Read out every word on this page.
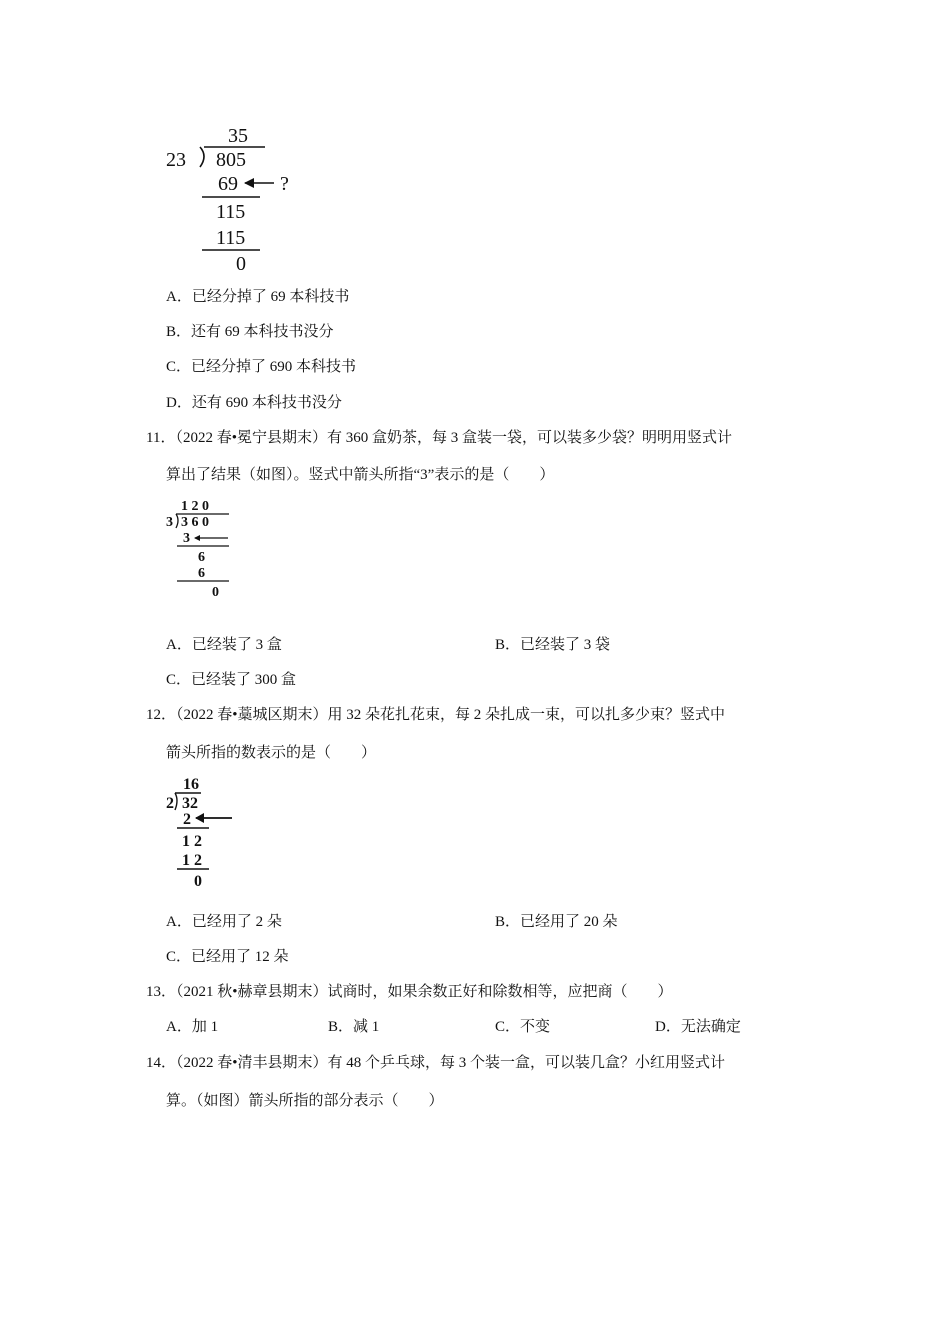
35
23 805
69 ?
115
115
0
A．已经分掉了 69 本科技书
B．还有 69 本科技书没分
C．已经分掉了 690 本科技书
D．还有 690 本科技书没分
11．（2022 春•冕宁县期末）有 360 盒奶茶，每 3 盒装一袋，可以装多少袋？明明用竖式计
算出了结果（如图）。竖式中箭头所指“3”表示的是（　　）
1 2 0
3 3 6 0
3
6
6
0
A．已经装了 3 盒	B．已经装了 3 袋
C．已经装了 300 盒
12．（2022 春•藁城区期末）用 32 朵花扎花束，每 2 朵扎成一束，可以扎多少束？竖式中
箭头所指的数表示的是（　　）
16
2 32
2
1 2
1 2
0
A．已经用了 2 朵	B．已经用了 20 朵
C．已经用了 12 朵
13．（2021 秋•赫章县期末）试商时，如果余数正好和除数相等，应把商（　　）
A．加 1	B．减 1	C．不变	D．无法确定
14．（2022 春•清丰县期末）有 48 个乒乓球，每 3 个装一盒，可以装几盒？小红用竖式计
算。（如图）箭头所指的部分表示（　　）
